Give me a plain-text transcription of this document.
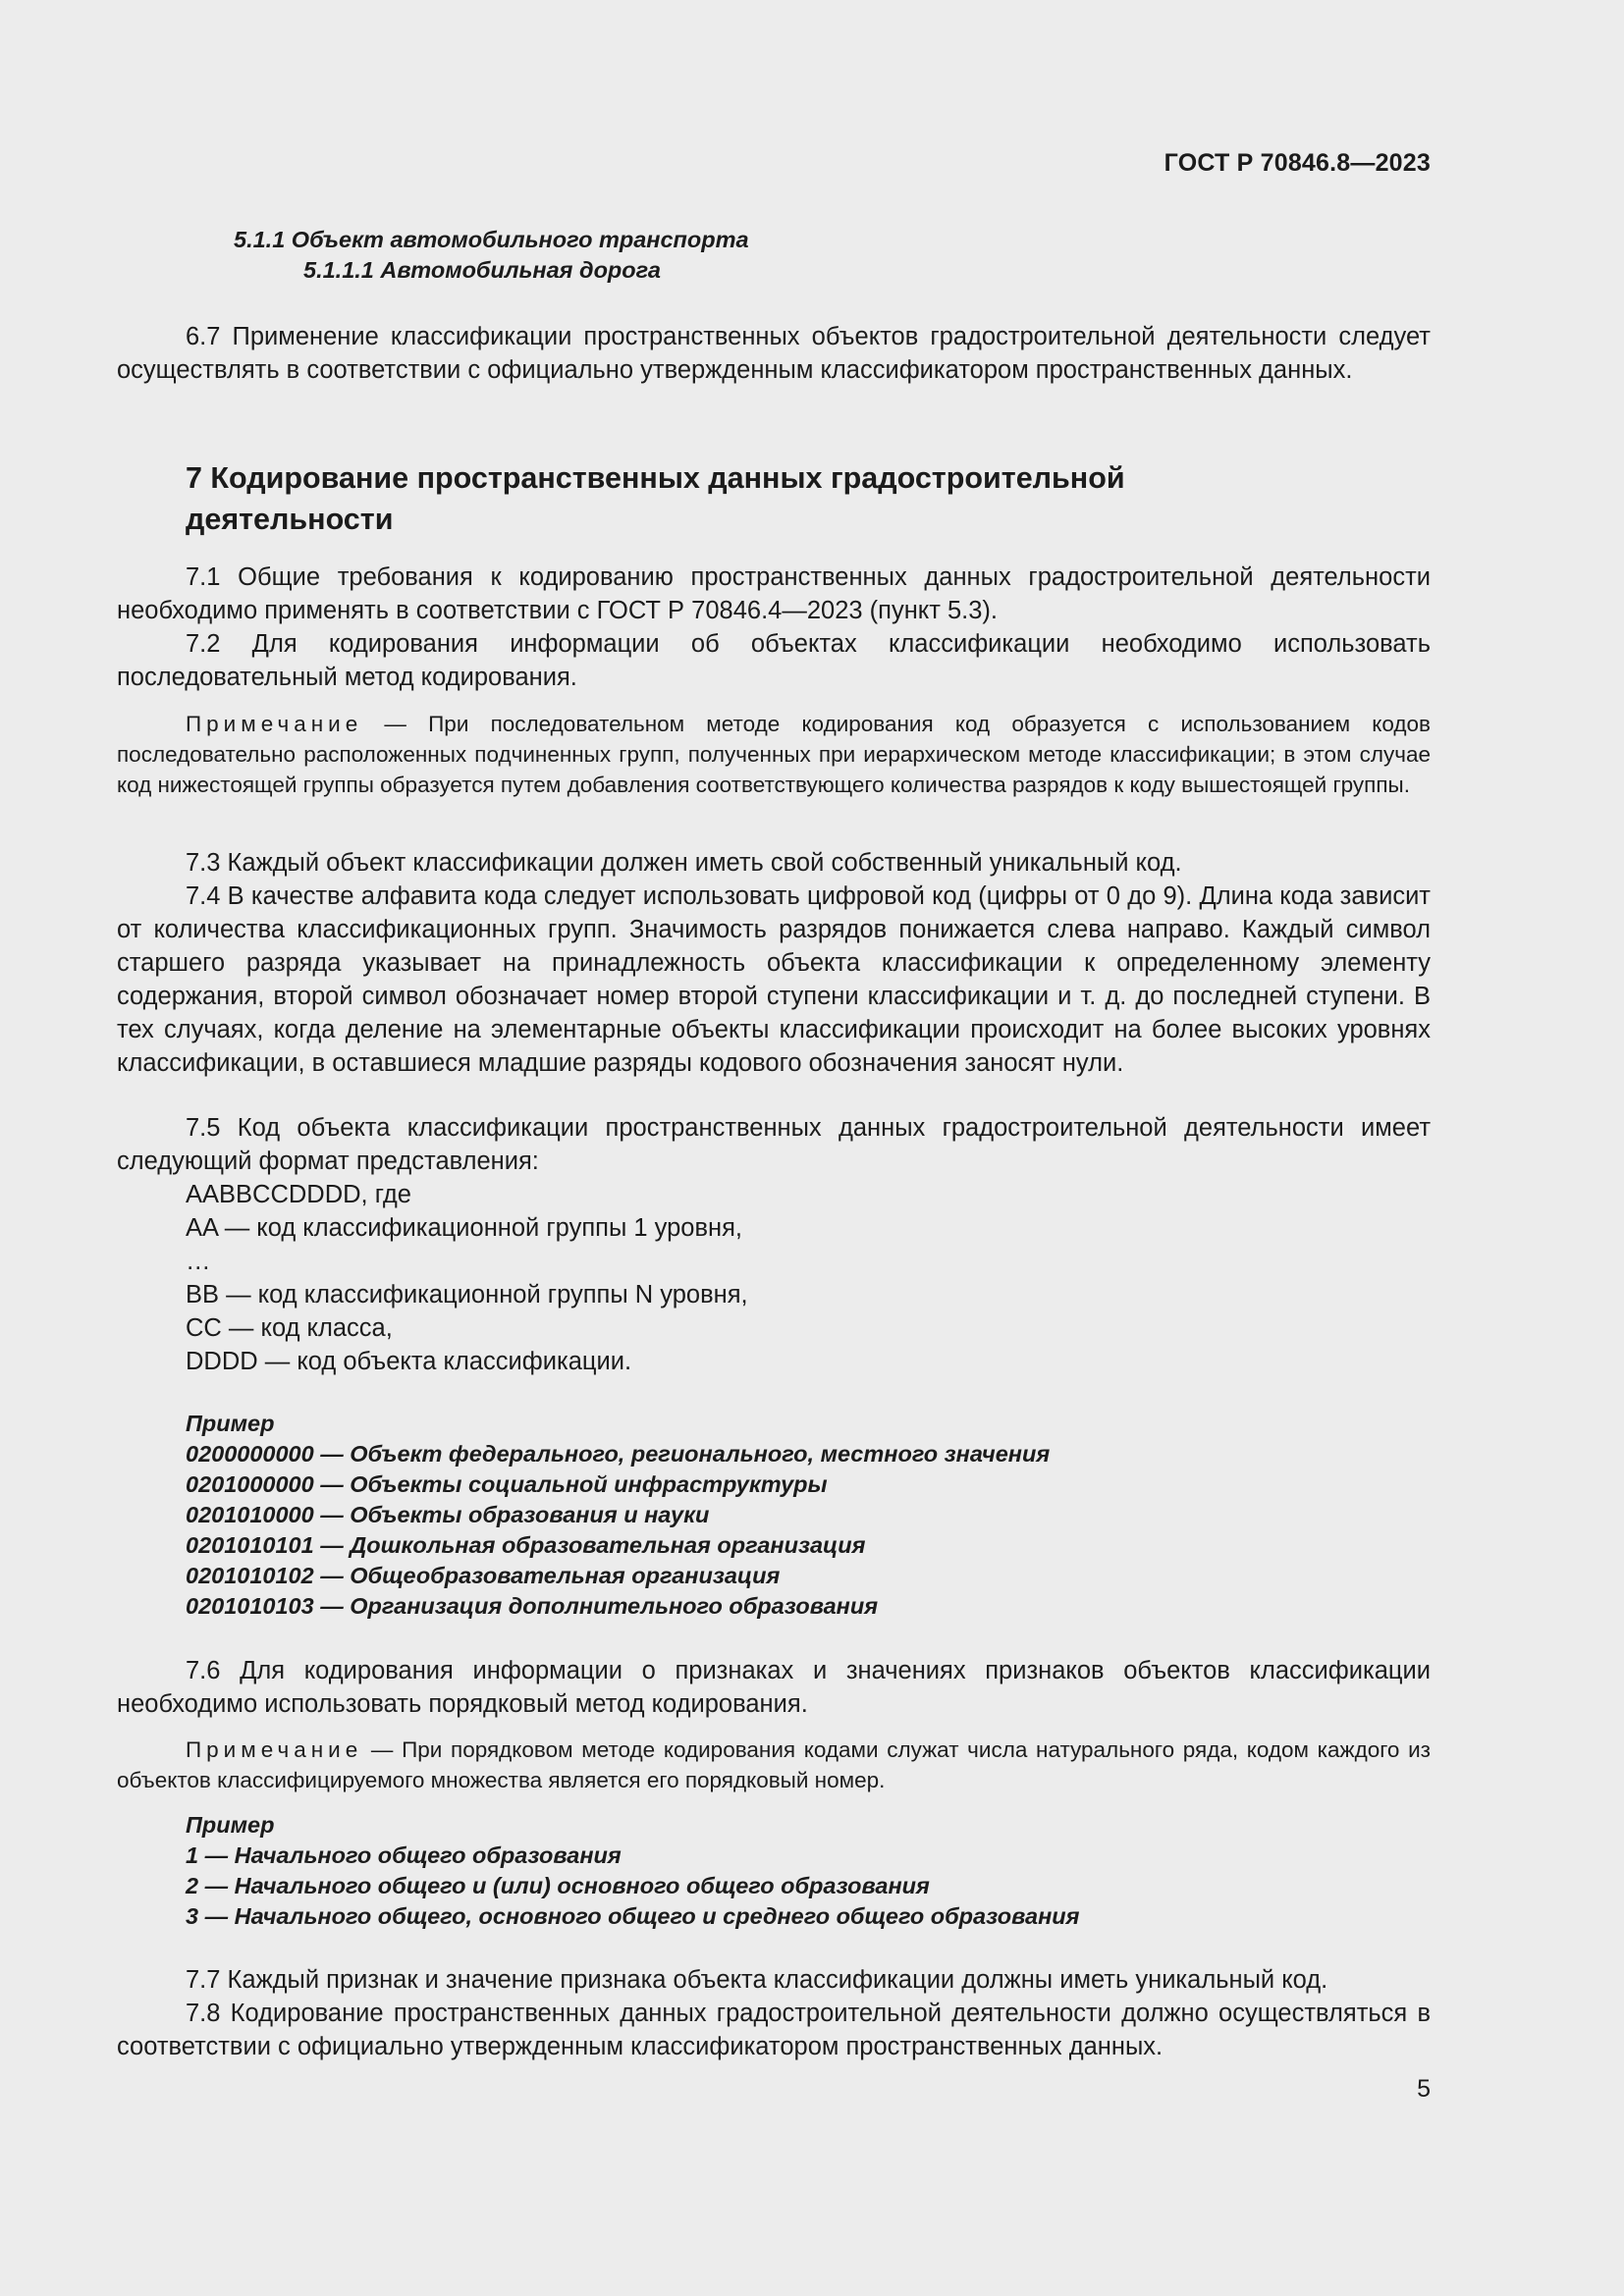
ГОСТ Р 70846.8—2023
5.1.1 Объект автомобильного транспорта
5.1.1.1 Автомобильная дорога

6.7 Применение классификации пространственных объектов градостроительной деятельности следует осуществлять в соответствии с официально утвержденным классификатором пространственных данных.

7 Кодирование пространственных данных градостроительной деятельности

7.1 Общие требования к кодированию пространственных данных градостроительной деятельности необходимо применять в соответствии с ГОСТ Р 70846.4—2023 (пункт 5.3).

7.2 Для кодирования информации об объектах классификации необходимо использовать последовательный метод кодирования.

Примечание — При последовательном методе кодирования код образуется с использованием кодов последовательно расположенных подчиненных групп, полученных при иерархическом методе классификации; в этом случае код нижестоящей группы образуется путем добавления соответствующего количества разрядов к коду вышестоящей группы.

7.3 Каждый объект классификации должен иметь свой собственный уникальный код.

7.4 В качестве алфавита кода следует использовать цифровой код (цифры от 0 до 9). Длина кода зависит от количества классификационных групп. Значимость разрядов понижается слева направо. Каждый символ старшего разряда указывает на принадлежность объекта классификации к определенному элементу содержания, второй символ обозначает номер второй ступени классификации и т. д. до последней ступени. В тех случаях, когда деление на элементарные объекты классификации происходит на более высоких уровнях классификации, в оставшиеся младшие разряды кодового обозначения заносят нули.

7.5 Код объекта классификации пространственных данных градостроительной деятельности имеет следующий формат представления:

AABBCCDDDD, где
AA — код классификационной группы 1 уровня,
…
BB — код классификационной группы N уровня,
CC — код класса,
DDDD — код объекта классификации.
Пример
0200000000 — Объект федерального, регионального, местного значения
0201000000 — Объекты социальной инфраструктуры
0201010000 — Объекты образования и науки
0201010101 — Дошкольная образовательная организация
0201010102 — Общеобразовательная организация
0201010103 — Организация дополнительного образования

7.6 Для кодирования информации о признаках и значениях признаков объектов классификации необходимо использовать порядковый метод кодирования.

Примечание — При порядковом методе кодирования кодами служат числа натурального ряда, кодом каждого из объектов классифицируемого множества является его порядковый номер.

Пример
1 — Начального общего образования
2 — Начального общего и (или) основного общего образования
3 — Начального общего, основного общего и среднего общего образования

7.7 Каждый признак и значение признака объекта классификации должны иметь уникальный код.

7.8 Кодирование пространственных данных градостроительной деятельности должно осуществляться в соответствии с официально утвержденным классификатором пространственных данных.

5
